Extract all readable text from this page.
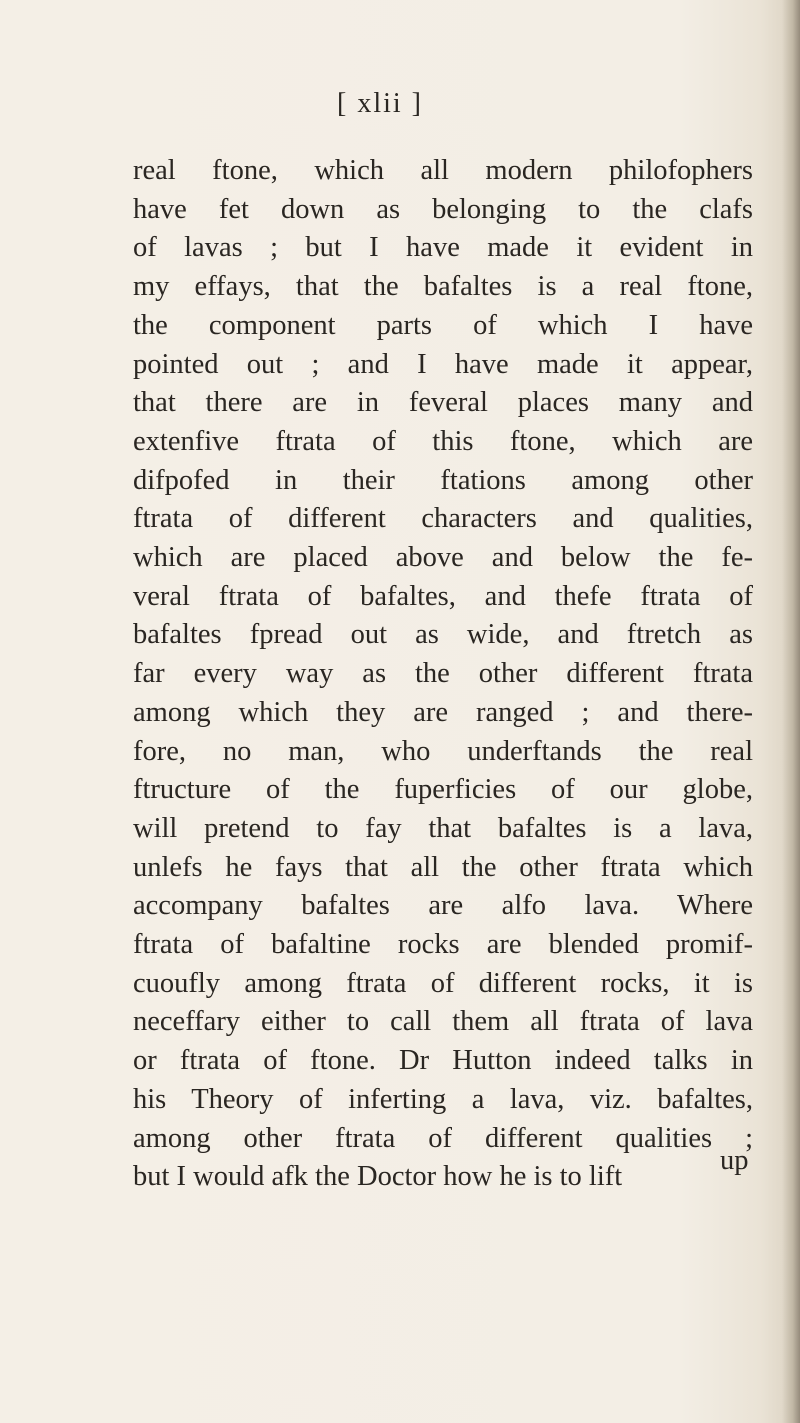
[ xlii ]
real ftone, which all modern philofophers
have fet down as belonging to the clafs
of lavas ; but I have made it evident in
my effays, that the bafaltes is a real ftone,
the component parts of which I have
pointed out ; and I have made it appear,
that there are in feveral places many and
extenfive ftrata of this ftone, which are
difpofed in their ftations among other
ftrata of different characters and qualities,
which are placed above and below the fe-
veral ftrata of bafaltes, and thefe ftrata of
bafaltes fpread out as wide, and ftretch as
far every way as the other different ftrata
among which they are ranged ; and there-
fore, no man, who underftands the real
ftructure of the fuperficies of our globe,
will pretend to fay that bafaltes is a lava,
unlefs he fays that all the other ftrata which
accompany bafaltes are alfo lava. Where
ftrata of bafaltine rocks are blended promif-
cuoufly among ftrata of different rocks, it is
neceffary either to call them all ftrata of lava
or ftrata of ftone. Dr Hutton indeed talks in
his Theory of inferting a lava, viz. bafaltes,
among other ftrata of different qualities ;
but I would afk the Doctor how he is to lift
up
